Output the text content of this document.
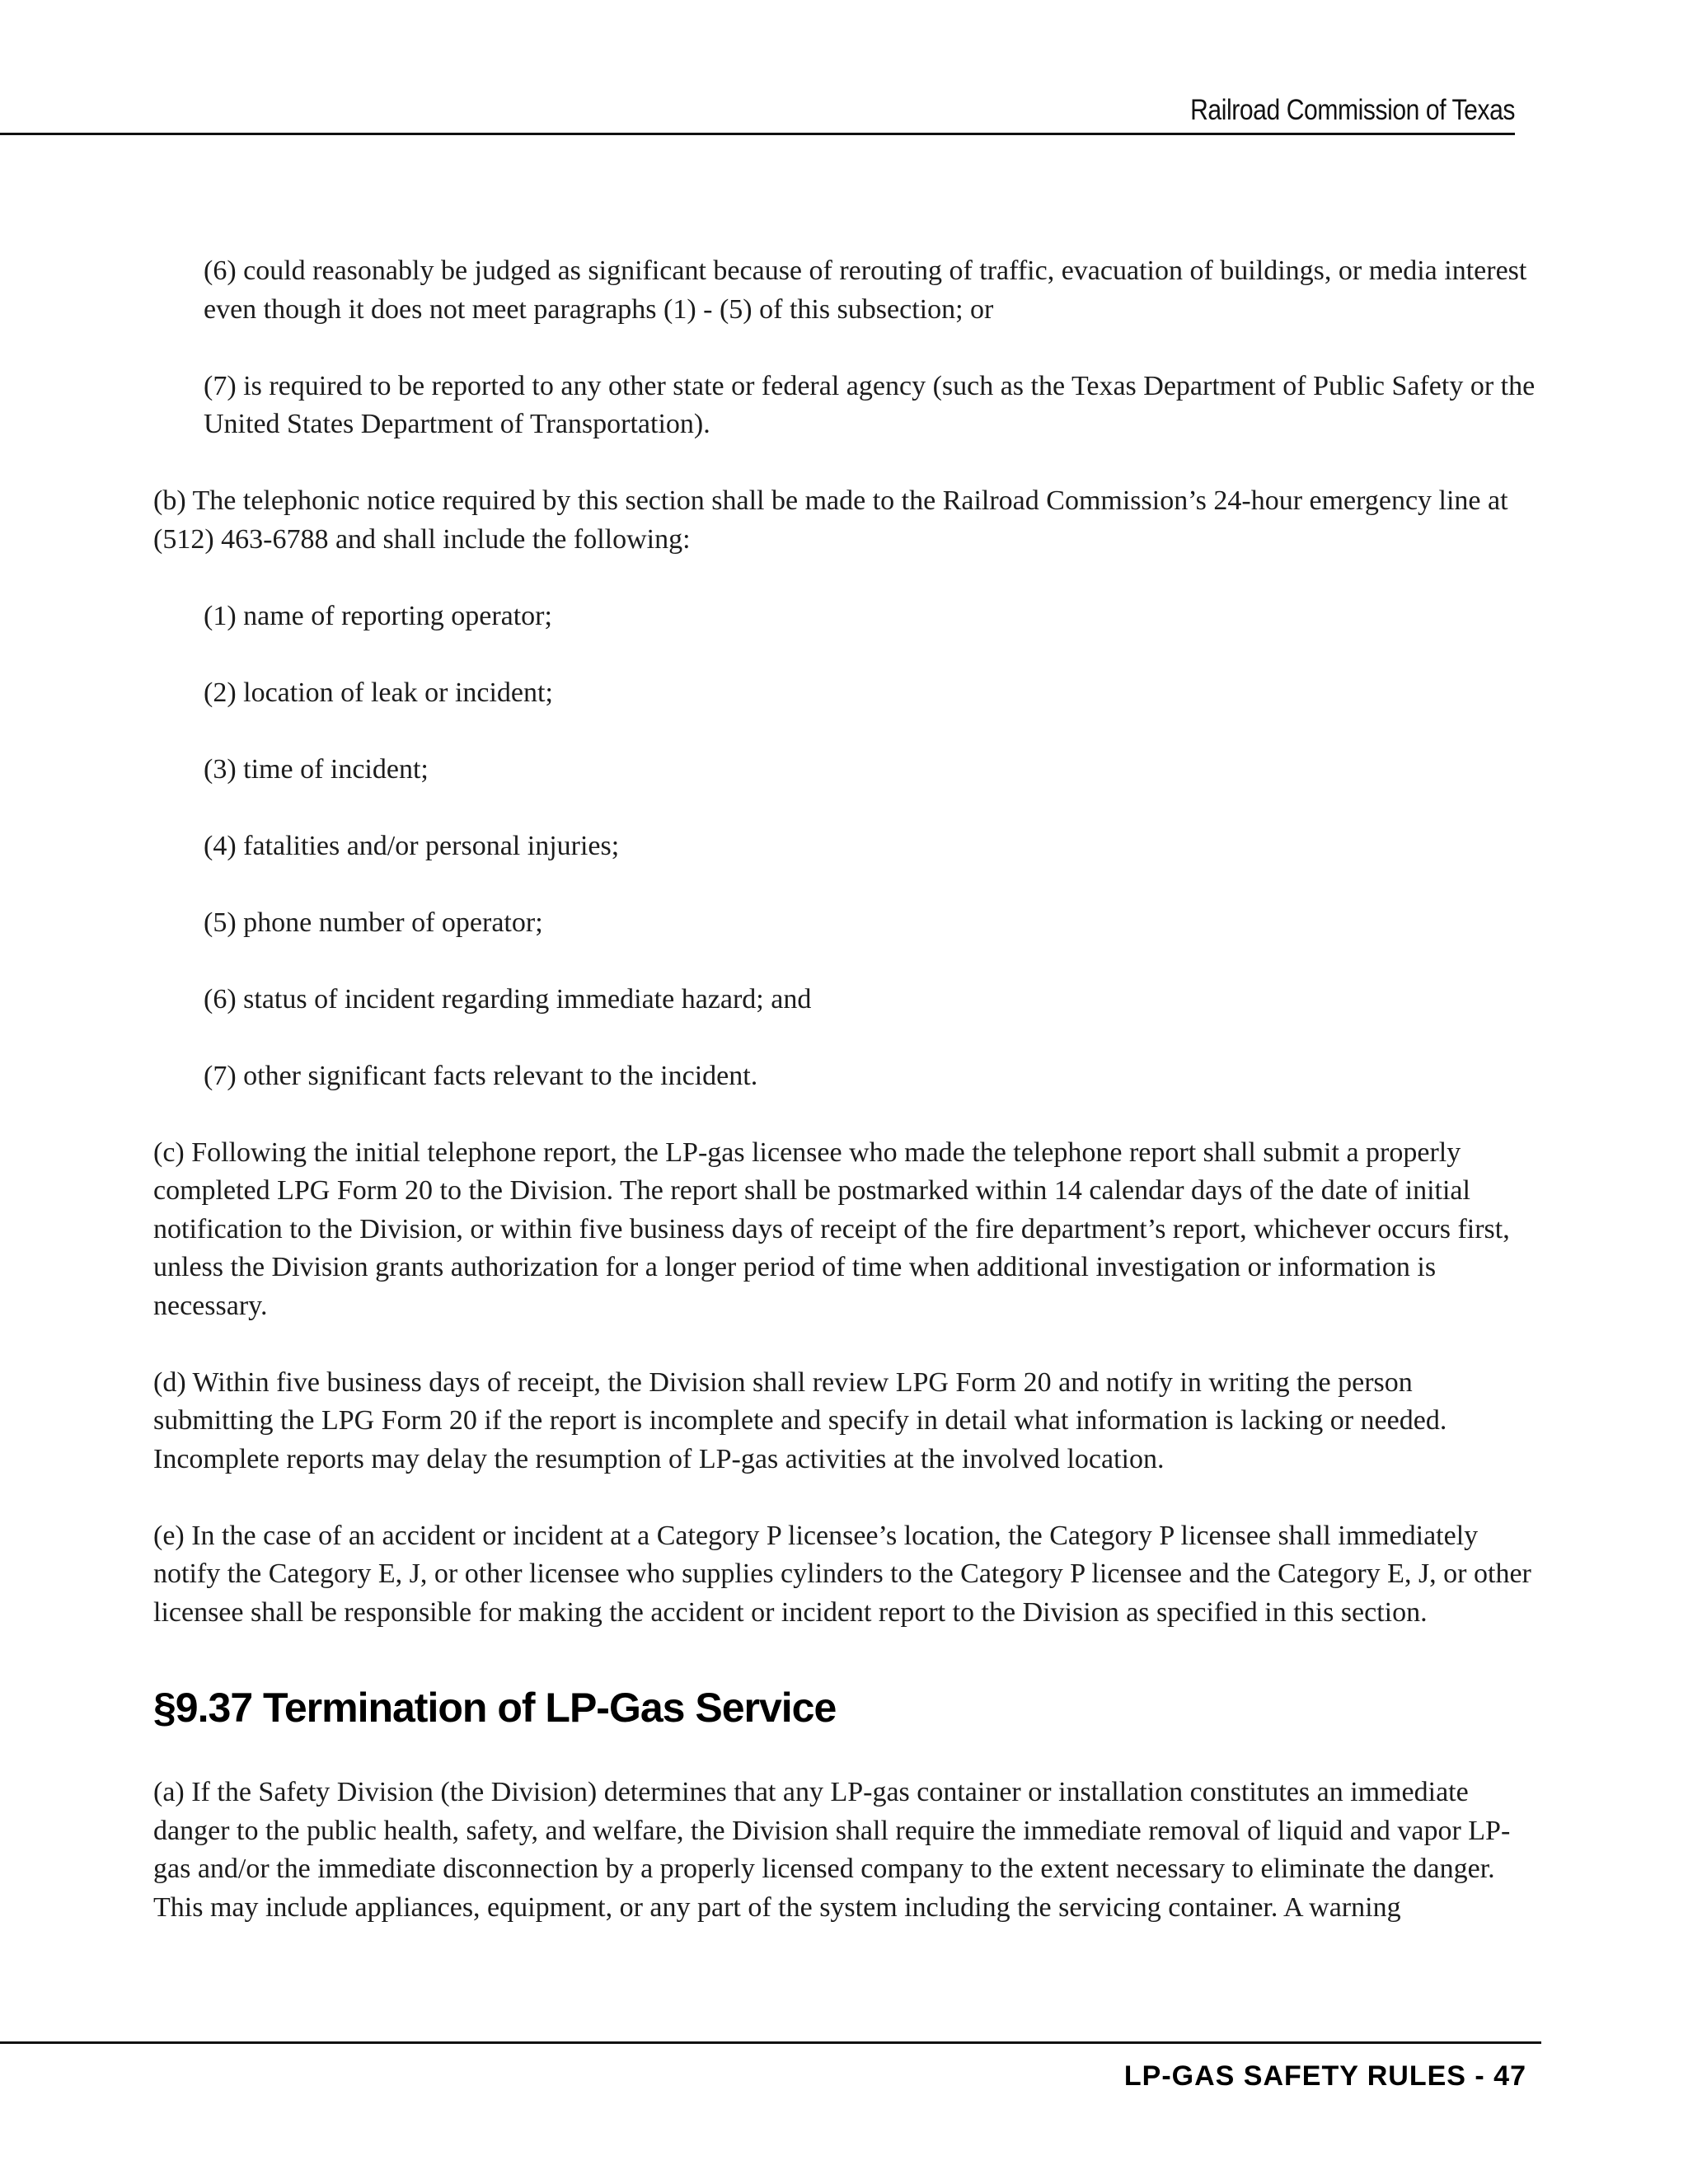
Railroad Commission of Texas

(6) could reasonably be judged as significant because of rerouting of traffic, evacuation of buildings, or media interest even though it does not meet paragraphs (1) - (5) of this subsection; or

(7) is required to be reported to any other state or federal agency (such as the Texas Department of Public Safety or the United States Department of Transportation).

(b) The telephonic notice required by this section shall be made to the Railroad Commission’s 24-hour emergency line at (512) 463-6788 and shall include the following:

(1) name of reporting operator;

(2) location of leak or incident;

(3) time of incident;

(4) fatalities and/or personal injuries;

(5) phone number of operator;

(6) status of incident regarding immediate hazard; and

(7) other significant facts relevant to the incident.

(c) Following the initial telephone report, the LP-gas licensee who made the telephone report shall submit a properly completed LPG Form 20 to the Division. The report shall be postmarked within 14 calendar days of the date of initial notification to the Division, or within five business days of receipt of the fire department’s report, whichever occurs first, unless the Division grants authorization for a longer period of time when additional investigation or information is necessary.

(d) Within five business days of receipt, the Division shall review LPG Form 20 and notify in writing the person submitting the LPG Form 20 if the report is incomplete and specify in detail what information is lacking or needed. Incomplete reports may delay the resumption of LP-gas activities at the involved location.

(e) In the case of an accident or incident at a Category P licensee’s location, the Category P licensee shall immediately notify the Category E, J, or other licensee who supplies cylinders to the Category P licensee and the Category E, J, or other licensee shall be responsible for making the accident or incident report to the Division as specified in this section.

§9.37 Termination of LP-Gas Service

(a) If the Safety Division (the Division) determines that any LP-gas container or installation constitutes an immediate danger to the public health, safety, and welfare, the Division shall require the immediate removal of liquid and vapor LP-gas and/or the immediate disconnection by a properly licensed company to the extent necessary to eliminate the danger. This may include appliances, equipment, or any part of the system including the servicing container. A warning

LP-GAS SAFETY RULES - 47
